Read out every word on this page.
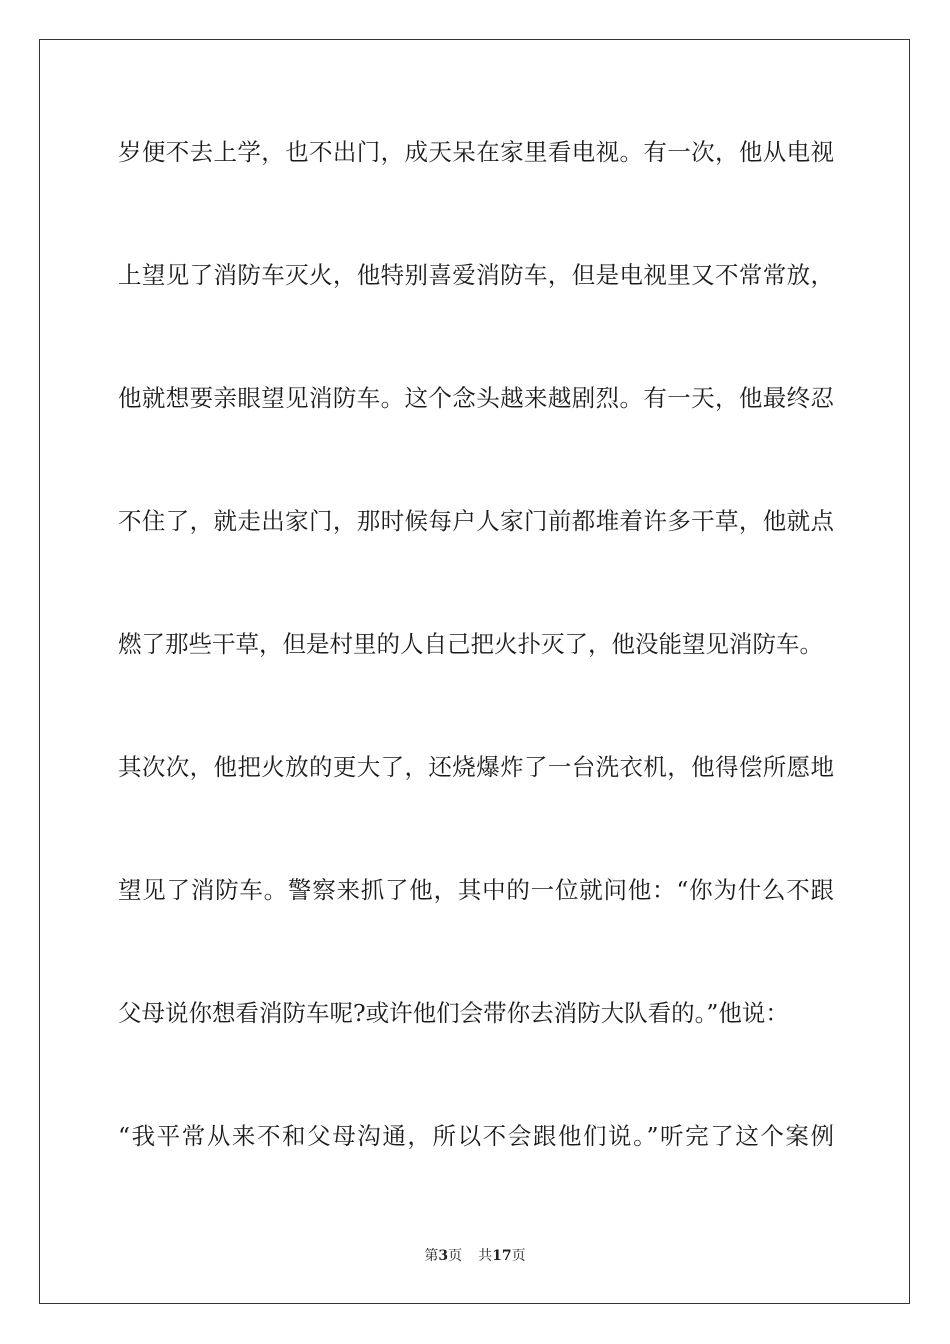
岁便不去上学，也不出门，成天呆在家里看电视。有一次，他从电视
上望见了消防车灭火，他特别喜爱消防车，但是电视里又不常常放，
他就想要亲眼望见消防车。这个念头越来越剧烈。有一天，他最终忍
不住了，就走出家门，那时候每户人家门前都堆着许多干草，他就点
燃了那些干草，但是村里的人自己把火扑灭了，他没能望见消防车。
其次次，他把火放的更大了，还烧爆炸了一台洗衣机，他得偿所愿地
望见了消防车。警察来抓了他，其中的一位就问他：“你为什么不跟
父母说你想看消防车呢?或许他们会带你去消防大队看的。”他说：
“我平常从来不和父母沟通，所以不会跟他们说。”听完了这个案例
第3页 共17页
